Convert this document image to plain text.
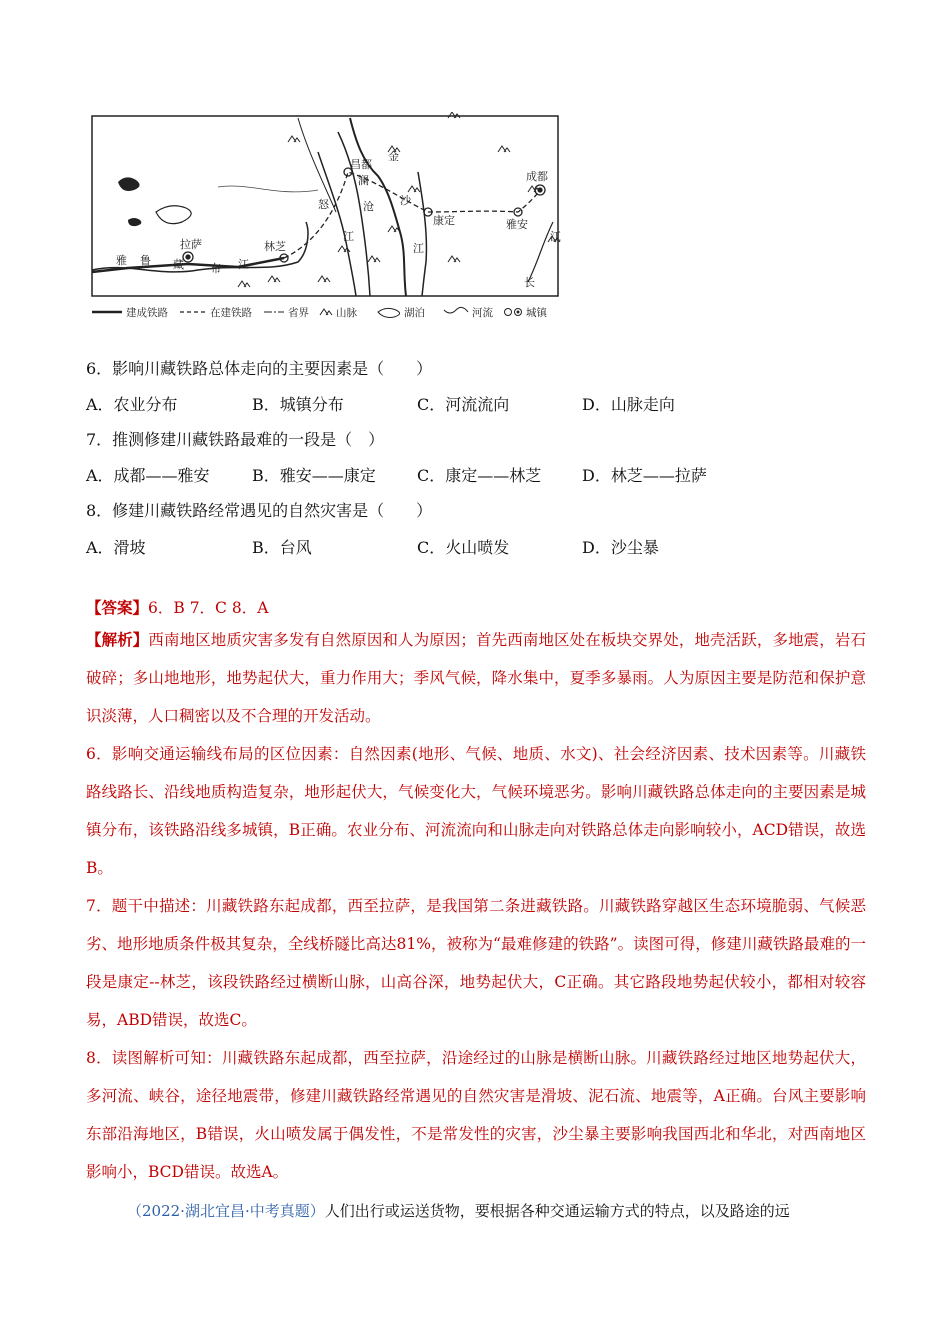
成都
雅安
康定
林芝
拉萨
昌都
金
沙
澜
沧
怒
江
江
雅 鲁 藏 布 江
江
长
建成铁路	在建铁路	省界	山脉	湖泊	河流	城镇
6．影响川藏铁路总体走向的主要因素是（　　）
A．农业分布	B．城镇分布	C．河流流向	D．山脉走向
7．推测修建川藏铁路最难的一段是（　）
A．成都——雅安	B．雅安——康定	C．康定——林芝	D．林芝——拉萨
8．修建川藏铁路经常遇见的自然灾害是（　　）
A．滑坡	B．台风	C．火山喷发	D．沙尘暴

【答案】6．B 7．C 8．A

【解析】西南地区地质灾害多发有自然原因和人为原因；首先西南地区处在板块交界处，地壳活跃，多地震，岩石破碎；多山地地形，地势起伏大，重力作用大；季风气候，降水集中，夏季多暴雨。人为原因主要是防范和保护意识淡薄，人口稠密以及不合理的开发活动。

6．影响交通运输线布局的区位因素：自然因素(地形、气候、地质、水文)、社会经济因素、技术因素等。川藏铁路线路长、沿线地质构造复杂，地形起伏大，气候变化大，气候环境恶劣。影响川藏铁路总体走向的主要因素是城镇分布，该铁路沿线多城镇，B正确。农业分布、河流流向和山脉走向对铁路总体走向影响较小，ACD错误，故选B。

7．题干中描述：川藏铁路东起成都，西至拉萨，是我国第二条进藏铁路。川藏铁路穿越区生态环境脆弱、气候恶劣、地形地质条件极其复杂，全线桥隧比高达81%，被称为“最难修建的铁路”。读图可得，修建川藏铁路最难的一段是康定--林芝，该段铁路经过横断山脉，山高谷深，地势起伏大，C正确。其它路段地势起伏较小，都相对较容易，ABD错误，故选C。

8．读图解析可知：川藏铁路东起成都，西至拉萨，沿途经过的山脉是横断山脉。川藏铁路经过地区地势起伏大，多河流、峡谷，途径地震带，修建川藏铁路经常遇见的自然灾害是滑坡、泥石流、地震等，A正确。台风主要影响东部沿海地区，B错误，火山喷发属于偶发性，不是常发性的灾害，沙尘暴主要影响我国西北和华北，对西南地区影响小，BCD错误。故选A。

（2022·湖北宜昌·中考真题）人们出行或运送货物，要根据各种交通运输方式的特点，以及路途的远
